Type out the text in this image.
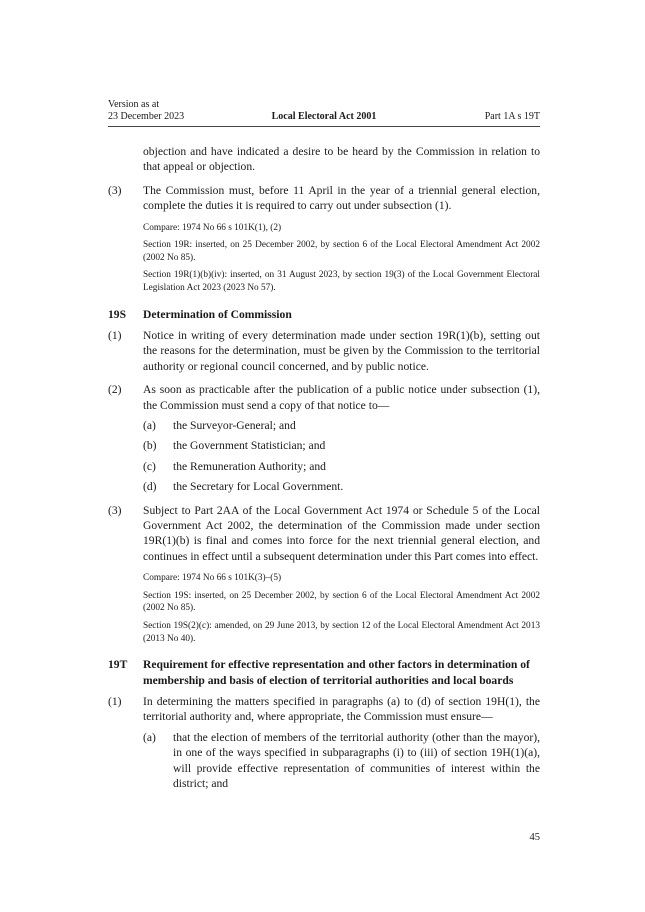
Version as at
23 December 2023	Local Electoral Act 2001	Part 1A s 19T
objection and have indicated a desire to be heard by the Commission in relation to that appeal or objection.
(3) The Commission must, before 11 April in the year of a triennial general election, complete the duties it is required to carry out under subsection (1).
Compare: 1974 No 66 s 101K(1), (2)
Section 19R: inserted, on 25 December 2002, by section 6 of the Local Electoral Amendment Act 2002 (2002 No 85).
Section 19R(1)(b)(iv): inserted, on 31 August 2023, by section 19(3) of the Local Government Electoral Legislation Act 2023 (2023 No 57).
19S Determination of Commission
(1) Notice in writing of every determination made under section 19R(1)(b), setting out the reasons for the determination, must be given by the Commission to the territorial authority or regional council concerned, and by public notice.
(2) As soon as practicable after the publication of a public notice under subsection (1), the Commission must send a copy of that notice to—
(a) the Surveyor-General; and
(b) the Government Statistician; and
(c) the Remuneration Authority; and
(d) the Secretary for Local Government.
(3) Subject to Part 2AA of the Local Government Act 1974 or Schedule 5 of the Local Government Act 2002, the determination of the Commission made under section 19R(1)(b) is final and comes into force for the next triennial general election, and continues in effect until a subsequent determination under this Part comes into effect.
Compare: 1974 No 66 s 101K(3)–(5)
Section 19S: inserted, on 25 December 2002, by section 6 of the Local Electoral Amendment Act 2002 (2002 No 85).
Section 19S(2)(c): amended, on 29 June 2013, by section 12 of the Local Electoral Amendment Act 2013 (2013 No 40).
19T Requirement for effective representation and other factors in determination of membership and basis of election of territorial authorities and local boards
(1) In determining the matters specified in paragraphs (a) to (d) of section 19H(1), the territorial authority and, where appropriate, the Commission must ensure—
(a) that the election of members of the territorial authority (other than the mayor), in one of the ways specified in subparagraphs (i) to (iii) of section 19H(1)(a), will provide effective representation of communities of interest within the district; and
45
